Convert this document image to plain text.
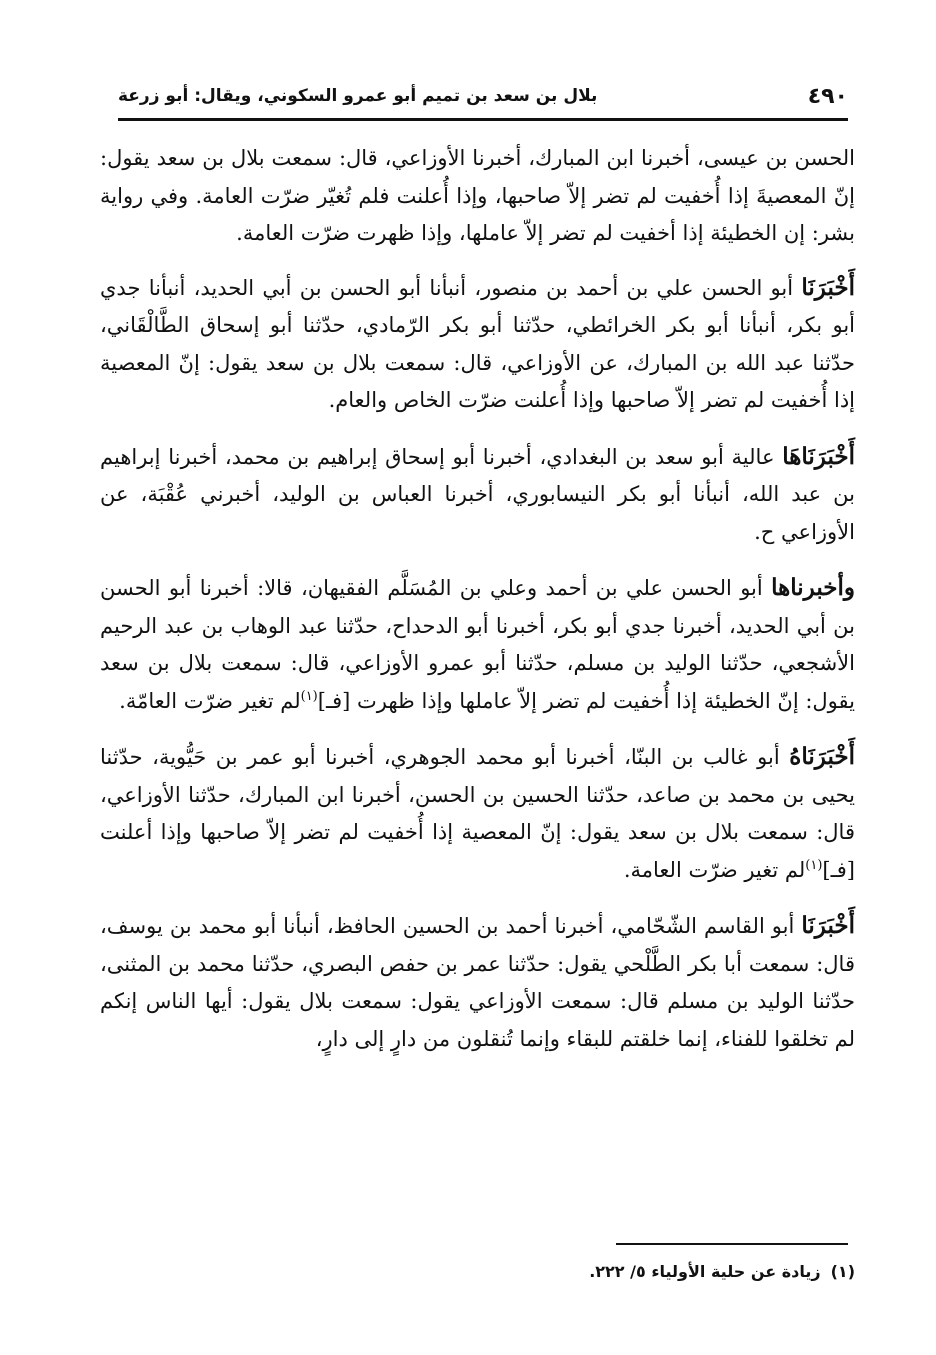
٤٩٠
بلال بن سعد بن تميم أبو عمرو السكوني، ويقال: أبو زرعة

الحسن بن عيسى، أخبرنا ابن المبارك، أخبرنا الأوزاعي، قال: سمعت بلال بن سعد يقول: إنّ المعصيةَ إذا أُخفيت لم تضر إلاّ صاحبها، وإذا أُعلنت فلم تُغيّر ضرّت العامة. وفي رواية بشر: إن الخطيئة إذا أخفيت لم تضر إلاّ عاملها، وإذا ظهرت ضرّت العامة.

أَخْبَرَنَا أبو الحسن علي بن أحمد بن منصور، أنبأنا أبو الحسن بن أبي الحديد، أنبأنا جدي أبو بكر، أنبأنا أبو بكر الخرائطي، حدّثنا أبو بكر الرّمادي، حدّثنا أبو إسحاق الطَّالْقَاني، حدّثنا عبد الله بن المبارك، عن الأوزاعي، قال: سمعت بلال بن سعد يقول: إنّ المعصية إذا أُخفيت لم تضر إلاّ صاحبها وإذا أُعلنت ضرّت الخاص والعام.

أَخْبَرَنَاهَا عالية أبو سعد بن البغدادي، أخبرنا أبو إسحاق إبراهيم بن محمد، أخبرنا إبراهيم بن عبد الله، أنبأنا أبو بكر النيسابوري، أخبرنا العباس بن الوليد، أخبرني عُقْبَة، عن الأوزاعي ح.

وأخبرناها أبو الحسن علي بن أحمد وعلي بن المُسَلَّم الفقيهان، قالا: أخبرنا أبو الحسن بن أبي الحديد، أخبرنا جدي أبو بكر، أخبرنا أبو الدحداح، حدّثنا عبد الوهاب بن عبد الرحيم الأشجعي، حدّثنا الوليد بن مسلم، حدّثنا أبو عمرو الأوزاعي، قال: سمعت بلال بن سعد يقول: إنّ الخطيئة إذا أُخفيت لم تضر إلاّ عاملها وإذا ظهرت [فـ]$^{(١)}$لم تغير ضرّت العامّة.

أَخْبَرَنَاهُ أبو غالب بن البنّا، أخبرنا أبو محمد الجوهري، أخبرنا أبو عمر بن حَيُّوية، حدّثنا يحيى بن محمد بن صاعد، حدّثنا الحسين بن الحسن، أخبرنا ابن المبارك، حدّثنا الأوزاعي، قال: سمعت بلال بن سعد يقول: إنّ المعصية إذا أُخفيت لم تضر إلاّ صاحبها وإذا أعلنت [فـ]$^{(١)}$لم تغير ضرّت العامة.

أَخْبَرَنَا أبو القاسم الشّحّامي، أخبرنا أحمد بن الحسين الحافظ، أنبأنا أبو محمد بن يوسف، قال: سمعت أبا بكر الطَّلْحي يقول: حدّثنا عمر بن حفص البصري، حدّثنا محمد بن المثنى، حدّثنا الوليد بن مسلم قال: سمعت الأوزاعي يقول: سمعت بلال يقول: أيها الناس إنكم لم تخلقوا للفناء، إنما خلقتم للبقاء وإنما تُنقلون من دارٍ إلى دارٍ،

(١)زيادة عن حلية الأولياء ٥/ ٢٢٢.
